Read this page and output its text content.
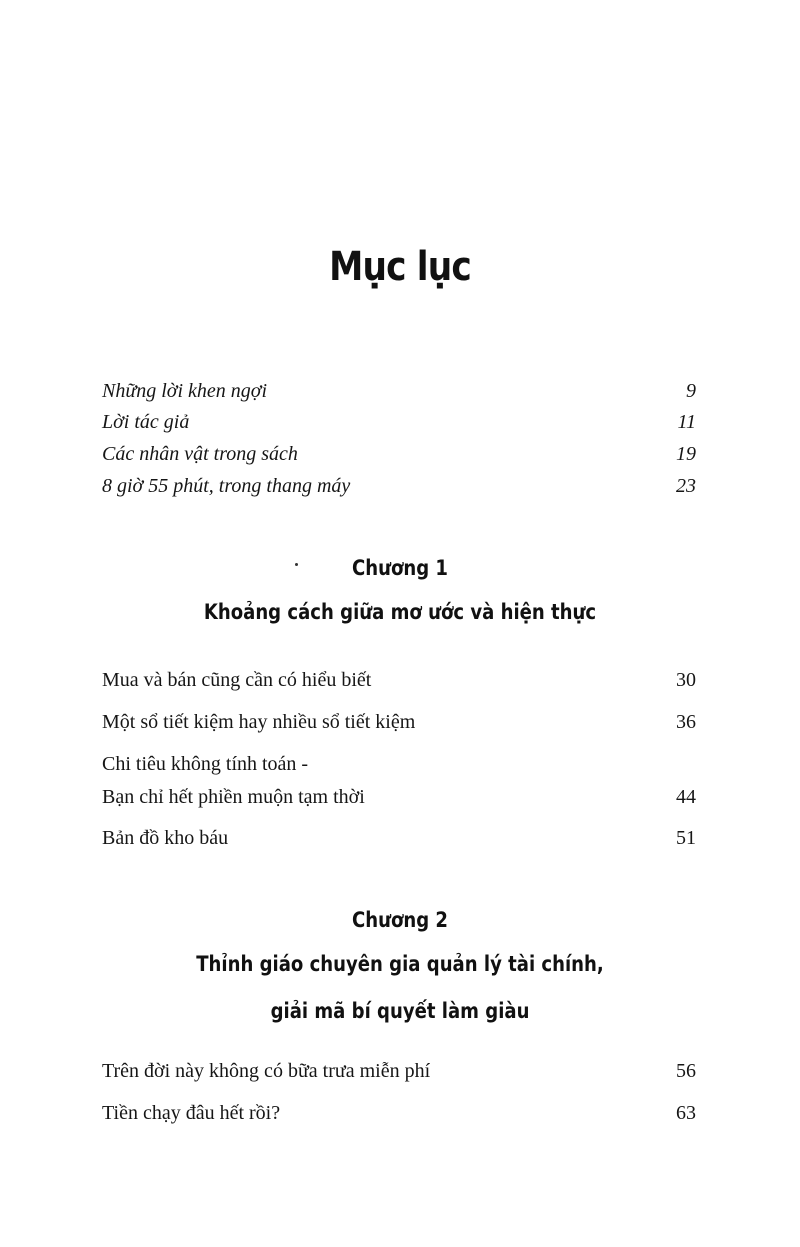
Mục lục
Những lời khen ngợi	9
Lời tác giả	11
Các nhân vật trong sách	19
8 giờ 55 phút, trong thang máy	23
Chương 1
Khoảng cách giữa mơ ước và hiện thực
Mua và bán cũng cần có hiểu biết	30
Một sổ tiết kiệm hay nhiều sổ tiết kiệm	36
Chi tiêu không tính toán -
Bạn chỉ hết phiền muộn tạm thời	44
Bản đồ kho báu	51
Chương 2
Thỉnh giáo chuyên gia quản lý tài chính,
giải mã bí quyết làm giàu
Trên đời này không có bữa trưa miễn phí	56
Tiền chạy đâu hết rồi?	63
